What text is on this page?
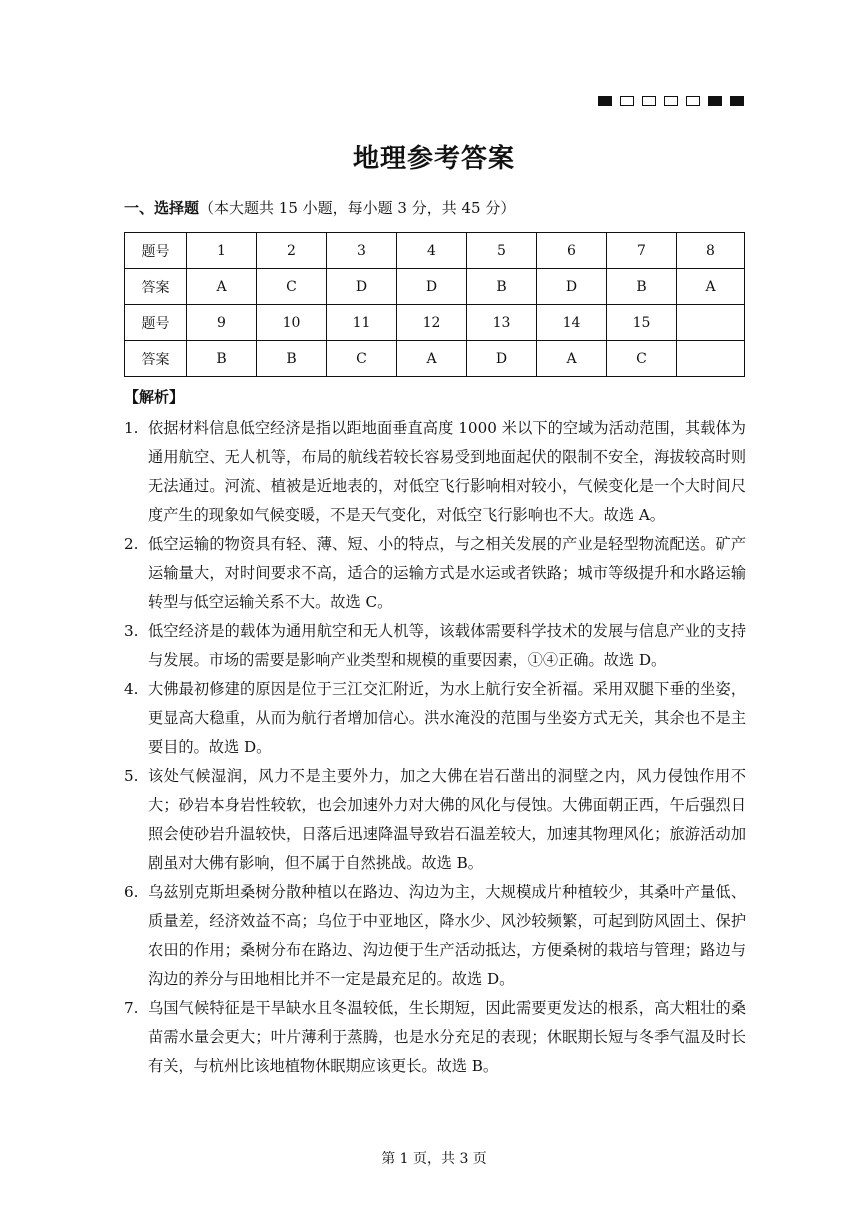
地理参考答案
一、选择题（本大题共 15 小题，每小题 3 分，共 45 分）
题号	1	2	3	4	5	6	7	8
答案	A	C	D	D	B	D	B	A
题号	9	10	11	12	13	14	15	
答案	B	B	C	A	D	A	C	
【解析】
1. 依据材料信息低空经济是指以距地面垂直高度 1000 米以下的空域为活动范围，其载体为通用航空、无人机等，布局的航线若较长容易受到地面起伏的限制不安全，海拔较高时则无法通过。河流、植被是近地表的，对低空飞行影响相对较小，气候变化是一个大时间尺度产生的现象如气候变暖，不是天气变化，对低空飞行影响也不大。故选 A。
2. 低空运输的物资具有轻、薄、短、小的特点，与之相关发展的产业是轻型物流配送。矿产运输量大，对时间要求不高，适合的运输方式是水运或者铁路；城市等级提升和水路运输转型与低空运输关系不大。故选 C。
3. 低空经济是的载体为通用航空和无人机等，该载体需要科学技术的发展与信息产业的支持与发展。市场的需要是影响产业类型和规模的重要因素，①④正确。故选 D。
4. 大佛最初修建的原因是位于三江交汇附近，为水上航行安全祈福。采用双腿下垂的坐姿，更显高大稳重，从而为航行者增加信心。洪水淹没的范围与坐姿方式无关，其余也不是主要目的。故选 D。
5. 该处气候湿润，风力不是主要外力，加之大佛在岩石凿出的洞壁之内，风力侵蚀作用不大；砂岩本身岩性较软，也会加速外力对大佛的风化与侵蚀。大佛面朝正西，午后强烈日照会使砂岩升温较快，日落后迅速降温导致岩石温差较大，加速其物理风化；旅游活动加剧虽对大佛有影响，但不属于自然挑战。故选 B。
6. 乌兹别克斯坦桑树分散种植以在路边、沟边为主，大规模成片种植较少，其桑叶产量低、质量差，经济效益不高；乌位于中亚地区，降水少、风沙较频繁，可起到防风固土、保护农田的作用；桑树分布在路边、沟边便于生产活动抵达，方便桑树的栽培与管理；路边与沟边的养分与田地相比并不一定是最充足的。故选 D。
7. 乌国气候特征是干旱缺水且冬温较低，生长期短，因此需要更发达的根系，高大粗壮的桑苗需水量会更大；叶片薄利于蒸腾，也是水分充足的表现；休眠期长短与冬季气温及时长有关，与杭州比该地植物休眠期应该更长。故选 B。
第 1 页，共 3 页
